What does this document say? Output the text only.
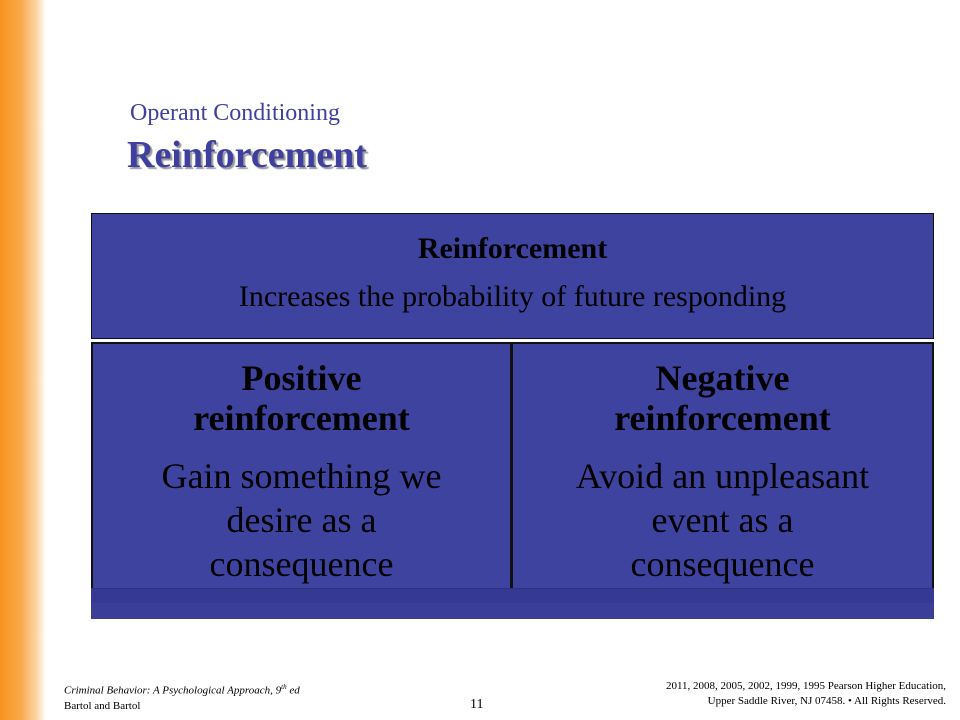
Operant Conditioning
Reinforcement
Reinforcement
Increases the probability of future responding
Positive
reinforcement
Gain something we
desire as a
consequence
Negative
reinforcement
Avoid an unpleasant
event as a
consequence
Criminal Behavior: A Psychological Approach, 9th ed
Bartol and Bartol	11
2011, 2008, 2005, 2002, 1999, 1995 Pearson Higher Education,
Upper Saddle River, NJ 07458. • All Rights Reserved.
